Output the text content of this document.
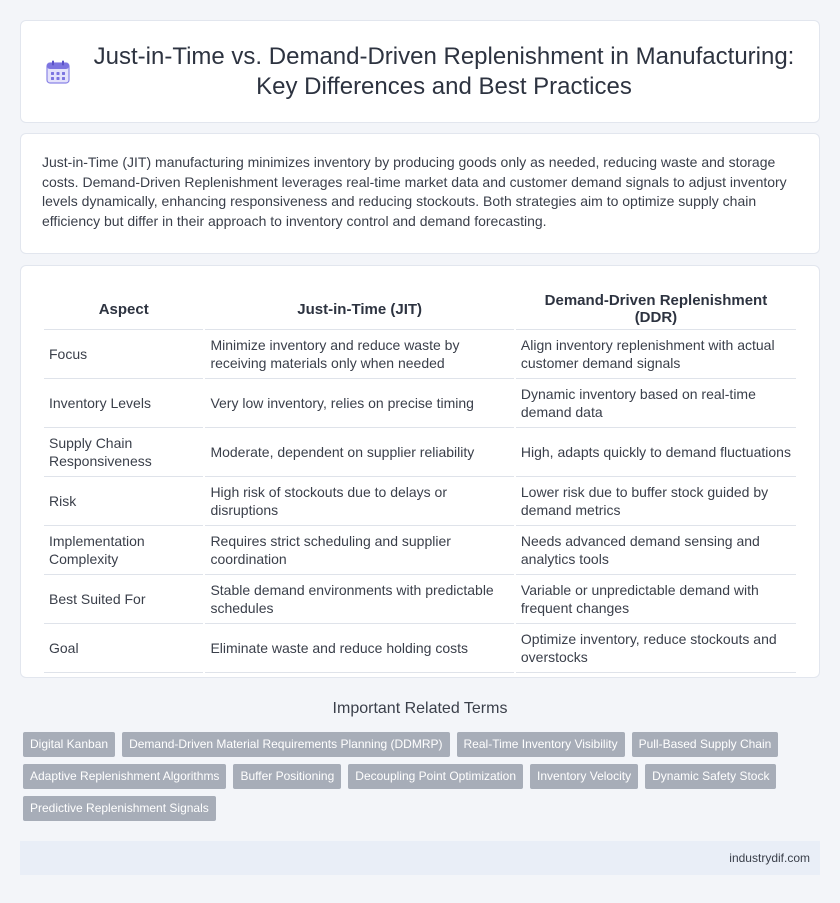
Just-in-Time vs. Demand-Driven Replenishment in Manufacturing: Key Differences and Best Practices

Just-in-Time (JIT) manufacturing minimizes inventory by producing goods only as needed, reducing waste and storage costs. Demand-Driven Replenishment leverages real-time market data and customer demand signals to adjust inventory levels dynamically, enhancing responsiveness and reducing stockouts. Both strategies aim to optimize supply chain efficiency but differ in their approach to inventory control and demand forecasting.

Aspect	Just-in-Time (JIT)	Demand-Driven Replenishment (DDR)
Focus	Minimize inventory and reduce waste by receiving materials only when needed	Align inventory replenishment with actual customer demand signals
Inventory Levels	Very low inventory, relies on precise timing	Dynamic inventory based on real-time demand data
Supply Chain Responsiveness	Moderate, dependent on supplier reliability	High, adapts quickly to demand fluctuations
Risk	High risk of stockouts due to delays or disruptions	Lower risk due to buffer stock guided by demand metrics
Implementation Complexity	Requires strict scheduling and supplier coordination	Needs advanced demand sensing and analytics tools
Best Suited For	Stable demand environments with predictable schedules	Variable or unpredictable demand with frequent changes
Goal	Eliminate waste and reduce holding costs	Optimize inventory, reduce stockouts and overstocks
Important Related Terms
Digital Kanban	Demand-Driven Material Requirements Planning (DDMRP)	Real-Time Inventory Visibility	Pull-Based Supply Chain
Adaptive Replenishment Algorithms	Buffer Positioning	Decoupling Point Optimization	Inventory Velocity	Dynamic Safety Stock
Predictive Replenishment Signals
industrydif.com
